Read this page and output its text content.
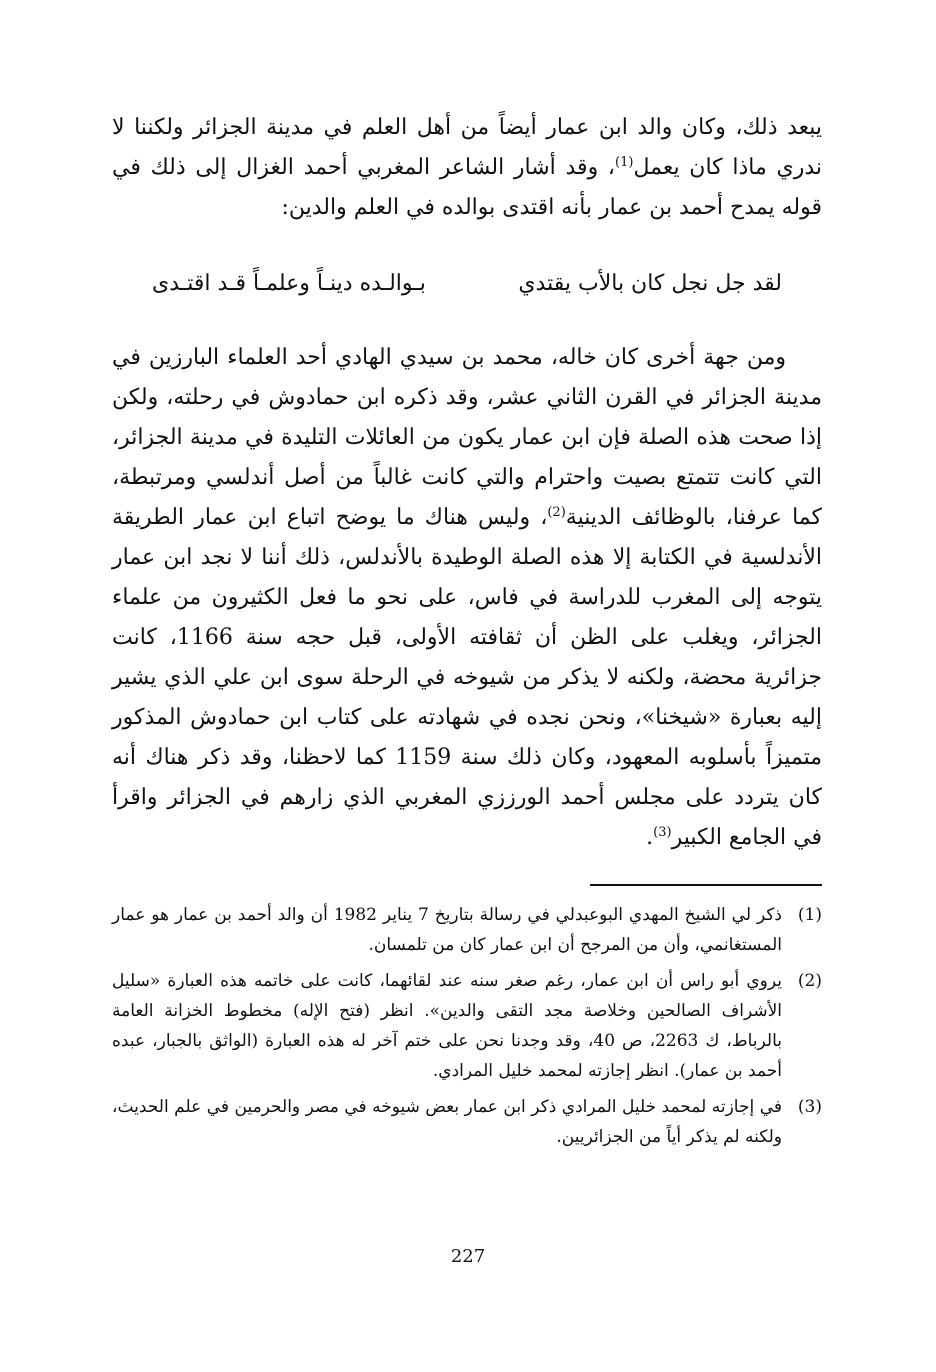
يبعد ذلك، وكان والد ابن عمار أيضاً من أهل العلم في مدينة الجزائر ولكننا لا ندري ماذا كان يعمل$^{(1)}$، وقد أشار الشاعر المغربي أحمد الغزال إلى ذلك في قوله يمدح أحمد بن عمار بأنه اقتدى بوالده في العلم والدين:

لقد جل نجل كان بالأب يقتدي
بـوالـده دينـاً وعلمـاً قـد اقتـدى

ومن جهة أخرى كان خاله، محمد بن سيدي الهادي أحد العلماء البارزين في مدينة الجزائر في القرن الثاني عشر، وقد ذكره ابن حمادوش في رحلته، ولكن إذا صحت هذه الصلة فإن ابن عمار يكون من العائلات التليدة في مدينة الجزائر، التي كانت تتمتع بصيت واحترام والتي كانت غالباً من أصل أندلسي ومرتبطة، كما عرفنا، بالوظائف الدينية$^{(2)}$، وليس هناك ما يوضح اتباع ابن عمار الطريقة الأندلسية في الكتابة إلا هذه الصلة الوطيدة بالأندلس، ذلك أننا لا نجد ابن عمار يتوجه إلى المغرب للدراسة في فاس، على نحو ما فعل الكثيرون من علماء الجزائر، ويغلب على الظن أن ثقافته الأولى، قبل حجه سنة 1166، كانت جزائرية محضة، ولكنه لا يذكر من شيوخه في الرحلة سوى ابن علي الذي يشير إليه بعبارة «شيخنا»، ونحن نجده في شهادته على كتاب ابن حمادوش المذكور متميزاً بأسلوبه المعهود، وكان ذلك سنة 1159 كما لاحظنا، وقد ذكر هناك أنه كان يتردد على مجلس أحمد الورززي المغربي الذي زارهم في الجزائر واقرأ في الجامع الكبير$^{(3)}$.

(1)
ذكر لي الشيخ المهدي البوعبدلي في رسالة بتاريخ 7 يناير 1982 أن والد أحمد بن عمار هو عمار المستغانمي، وأن من المرجح أن ابن عمار كان من تلمسان.
(2)
يروي أبو راس أن ابن عمار، رغم صغر سنه عند لقائهما، كانت على خاتمه هذه العبارة «سليل الأشراف الصالحين وخلاصة مجد التقى والدين». انظر (فتح الإله) مخطوط الخزانة العامة بالرباط، ك 2263، ص 40، وقد وجدنا نحن على ختم آخر له هذه العبارة (الواثق بالجبار، عبده أحمد بن عمار). انظر إجازته لمحمد خليل المرادي.
(3)
في إجازته لمحمد خليل المرادي ذكر ابن عمار بعض شيوخه في مصر والحرمين في علم الحديث، ولكنه لم يذكر أياً من الجزائريين.
227
